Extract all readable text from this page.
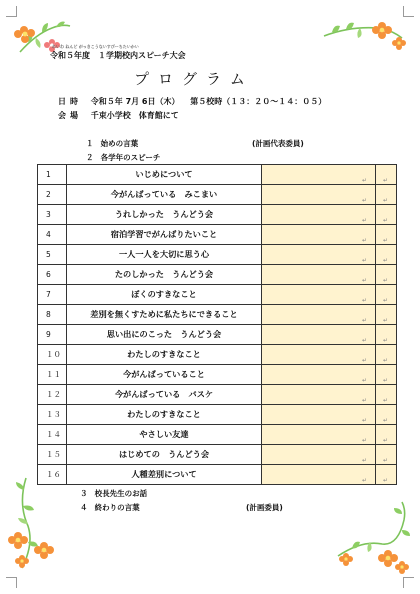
れいわ ねんど がっきこうないすぴーちたいかい
令和５年度　１学期校内スピーチ大会
プログラム
日時 令和５年 7月 6日（木） 第５校時（１３：２０～１４：０５）
会場 千束小学校　体育館にて
１ 始めの言葉	(計画代表委員)
２ 各学年のスピーチ
1	いじめについて	↵	↵
2	今がんばっている　みこまい	↵	↵
3	うれしかった　うんどう会	↵	↵
4	宿泊学習でがんばりたいこと	↵	↵
5	一人一人を大切に思う心	↵	↵
6	たのしかった　うんどう会	↵	↵
7	ぼくのすきなこと	↵	↵
8	差別を無くすために私たちにできること	↵	↵
9	思い出にのこった　うんどう会	↵	↵
１０	わたしのすきなこと	↵	↵
１１	今がんばっていること	↵	↵
１２	今がんばっている　バスケ	↵	↵
１３	わたしのすきなこと	↵	↵
１４	やさしい友達	↵	↵
１５	はじめての　うんどう会	↵	↵
１６	人種差別について	↵	↵
３ 校長先生のお話
４ 終わりの言葉	(計画委員)
